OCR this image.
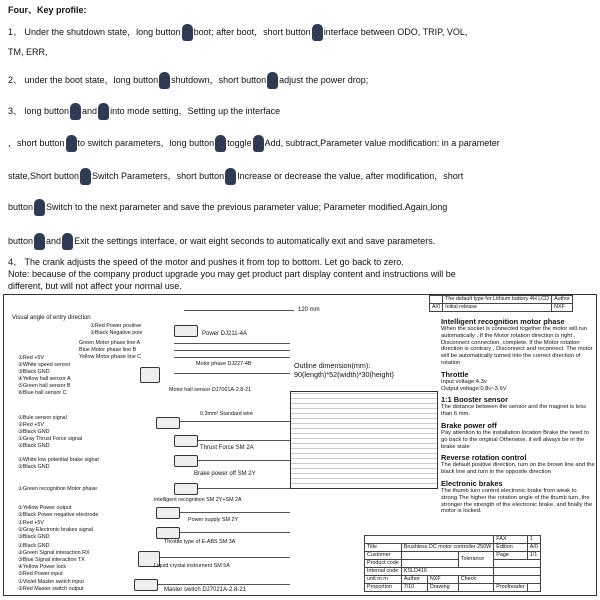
Four、Key profile:
1、 Under the shutdown state，long button boot; after boot，short button interface between ODO, TRIP, VOL,
TM, ERR,
2、 under the boot state，long button shutdown，short button adjust the power drop;
3、 long button and into mode setting，Setting up the interface
，short button to switch parameters，long button toggle Add, subtract,Parameter value modification: in a parameter
state,Short button Switch Parameters，short button Increase or decrease the value, after modification，short
button Switch to the next parameter and save the previous parameter value; Parameter modified.Again,long
button and Exit the settings interface, or wait eight seconds to automatically exit and save parameters.
4、 The crank adjusts the speed of the motor and pushes it from top to bottom. Let go back to zero.
Note: because of the company product upgrade you may get product part display content and instructions will be
different, but will not affect your normal use.
Visual angle of entry direction
120 mm
①Red Power positive
②Black Negative pole	Power DJ211-4A
Green Motor phase line A
Blue Motor phase line B
Yellow Motor phase line C
Motor phase DJ227-4B
①Red +5V
②White speed sensor
③Black GND
④Yellow hall sensor A
⑤Green hall sensor B
⑥Blue hall sensor C	Motor hall sensor DJ7061A-2.8-21
Outline dimension(mm):
90(length)*52(width)*30(height)
①Bule sensor signal
②Red +5V
③Black GND
0.3mm² Standard wire
①Gray Thrust Force signal
②Black GND	Thrust Force SM 2A
①White low potential brake signal
②Black GND
Brake power off SM 2Y
①Green recognition Motor phase
intelligent recognition SM 2Y+SM 2A
①Yellow Power output
②Black Power negative electrode
Power supply SM 2Y
①Red +5V
②Gray Electronic brakes signal
③Black GND
Throttle type of E-ABS SM 3A
①Black GND
②Green Signal interaction RX
③Blue Signal interaction TX
④Yellow Power lock
⑤Red Power input
Liquid crystal instrument SM 5A
①Violet Master switch input
②Red Master switch output	Master switch DJ7021A-2.8-21
	The default type for Lithium battery 4H LCD	Author
A/0	Initial release	NXF
Intelligent recognition motor phase
When the socket is connected together the motor will run automatically . If the Motor rotation direction is right , Disconnect connection, complete. If the Motor rotation direction is contrary , Disconnect and reconnect. The motor will be automatically turned into the correct direction of rotation
Throttle
Input voltage:4.3v
Output voltage:0.8v~3.6V
1:1 Booster sensor
The distance between the sensor and the magnet is less than 6 mm.
Brake power off
Pay attention to the installation location Brake the need to go back to the original Otherwise, it will always be in the brake state
Reverse rotation control
The default positive direction, turn on the brown line and the black line and turn in the opposite direction
Electronic brakes
The thumb turn control electronic brake from weak to strong.The higher the rotation angle of the thumb turn, the stronger the strength of the electronic brake, and finally the motor is locked.
				FAX	1
Title	Brushless DC motor controller 250W			Edition	A/0
Customer			Tolerance	Page	1/1
Product code					
Internal code	KSLD416				
unit m m	Author	NXF	Check		
Proportion	7/10	Drawing		Proofreader	
